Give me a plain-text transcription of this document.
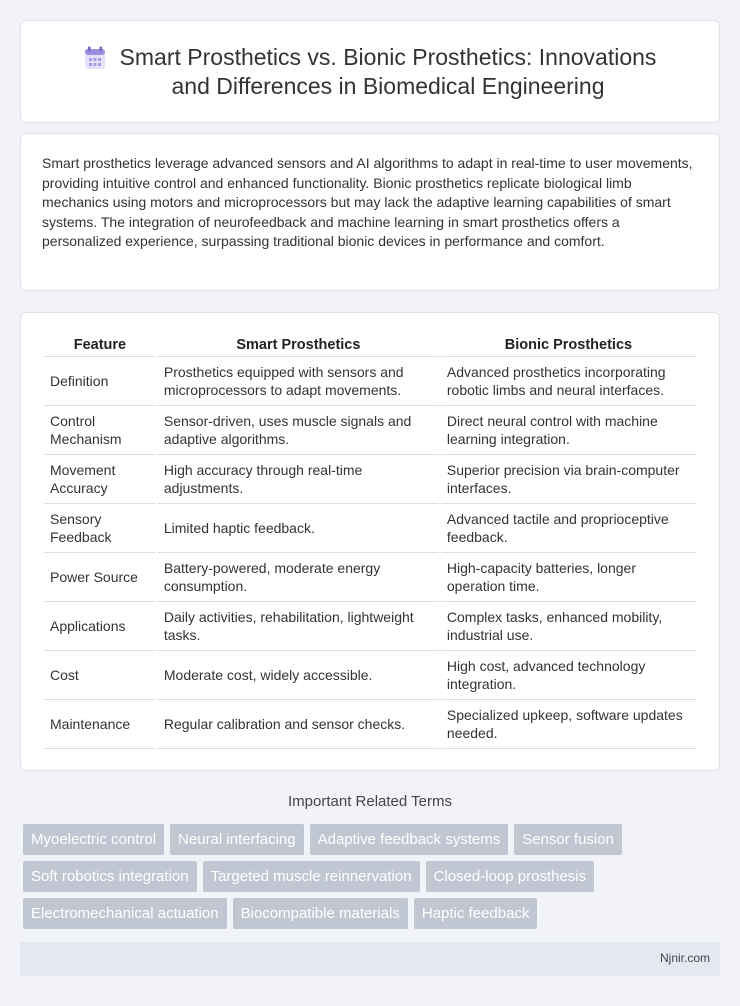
Smart Prosthetics vs. Bionic Prosthetics: Innovations
and Differences in Biomedical Engineering

Smart prosthetics leverage advanced sensors and AI algorithms to adapt in real-time to user movements, providing intuitive control and enhanced functionality. Bionic prosthetics replicate biological limb mechanics using motors and microprocessors but may lack the adaptive learning capabilities of smart systems. The integration of neurofeedback and machine learning in smart prosthetics offers a personalized experience, surpassing traditional bionic devices in performance and comfort.

Feature	Smart Prosthetics	Bionic Prosthetics
Definition	Prosthetics equipped with sensors and microprocessors to adapt movements.	Advanced prosthetics incorporating robotic limbs and neural interfaces.
Control Mechanism	Sensor-driven, uses muscle signals and adaptive algorithms.	Direct neural control with machine learning integration.
Movement Accuracy	High accuracy through real-time adjustments.	Superior precision via brain-computer interfaces.
Sensory Feedback	Limited haptic feedback.	Advanced tactile and proprioceptive feedback.
Power Source	Battery-powered, moderate energy consumption.	High-capacity batteries, longer operation time.
Applications	Daily activities, rehabilitation, lightweight tasks.	Complex tasks, enhanced mobility, industrial use.
Cost	Moderate cost, widely accessible.	High cost, advanced technology integration.
Maintenance	Regular calibration and sensor checks.	Specialized upkeep, software updates needed.
Important Related Terms
Myoelectric control Neural interfacing Adaptive feedback systems Sensor fusionSoft robotics integration Targeted muscle reinnervation Closed-loop prosthesisElectromechanical actuation Biocompatible materials Haptic feedback
Njnir.com
